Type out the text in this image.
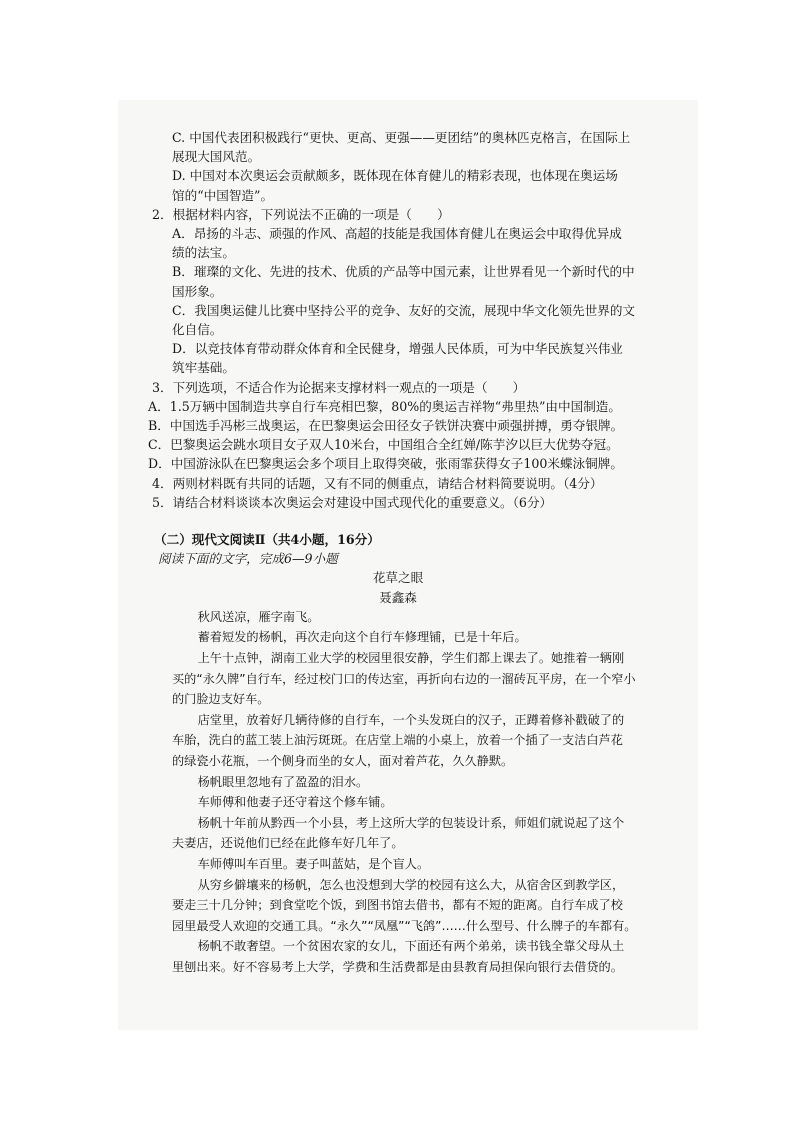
C. 中国代表团积极践行“更快、更高、更强——更团结”的奥林匹克格言，在国际上
展现大国风范。
D. 中国对本次奥运会贡献颇多，既体现在体育健儿的精彩表现，也体现在奥运场
馆的“中国智造”。
2．根据材料内容，下列说法不正确的一项是（　　）
A．昂扬的斗志、顽强的作风、高超的技能是我国体育健儿在奥运会中取得优异成
绩的法宝。
B．璀璨的文化、先进的技术、优质的产品等中国元素，让世界看见一个新时代的中
国形象。
C．我国奥运健儿比赛中坚持公平的竞争、友好的交流，展现中华文化领先世界的文
化自信。
D．以竞技体育带动群众体育和全民健身，增强人民体质，可为中华民族复兴伟业
筑牢基础。
3．下列选项，不适合作为论据来支撑材料一观点的一项是（　　）
A．1.5万辆中国制造共享自行车亮相巴黎，80%的奥运吉祥物“弗里热”由中国制造。
B．中国选手冯彬三战奥运，在巴黎奥运会田径女子铁饼决赛中顽强拼搏，勇夺银牌。
C．巴黎奥运会跳水项目女子双人10米台，中国组合全红婵/陈芋汐以巨大优势夺冠。
D．中国游泳队在巴黎奥运会多个项目上取得突破，张雨霏获得女子100米蝶泳铜牌。
4．两则材料既有共同的话题，又有不同的侧重点，请结合材料简要说明。（4分）
5．请结合材料谈谈本次奥运会对建设中国式现代化的重要意义。（6分）
（二）现代文阅读Ⅱ（共4小题，16分）
阅读下面的文字，完成6—9小题
花草之眼
聂鑫森
秋风送凉，雁字南飞。
蓄着短发的杨帆，再次走向这个自行车修理铺，已是十年后。
上午十点钟，湖南工业大学的校园里很安静，学生们都上课去了。她推着一辆刚
买的“永久牌”自行车，经过校门口的传达室，再折向右边的一溜砖瓦平房，在一个窄小
的门脸边支好车。
店堂里，放着好几辆待修的自行车，一个头发斑白的汉子，正蹲着修补戳破了的
车胎，洗白的蓝工装上油污斑斑。在店堂上端的小桌上，放着一个插了一支洁白芦花
的绿瓷小花瓶，一个侧身而坐的女人，面对着芦花，久久静默。
杨帆眼里忽地有了盈盈的泪水。
车师傅和他妻子还守着这个修车铺。
杨帆十年前从黔西一个小县，考上这所大学的包装设计系，师姐们就说起了这个
夫妻店，还说他们已经在此修车好几年了。
车师傅叫车百里。妻子叫蓝姑，是个盲人。
从穷乡僻壤来的杨帆，怎么也没想到大学的校园有这么大，从宿舍区到教学区，
要走三十几分钟；到食堂吃个饭，到图书馆去借书，都有不短的距离。自行车成了校
园里最受人欢迎的交通工具。“永久”“凤凰”“飞鸽”……什么型号、什么牌子的车都有。
杨帆不敢奢望。一个贫困农家的女儿，下面还有两个弟弟，读书钱全靠父母从土
里刨出来。好不容易考上大学，学费和生活费都是由县教育局担保向银行去借贷的。
